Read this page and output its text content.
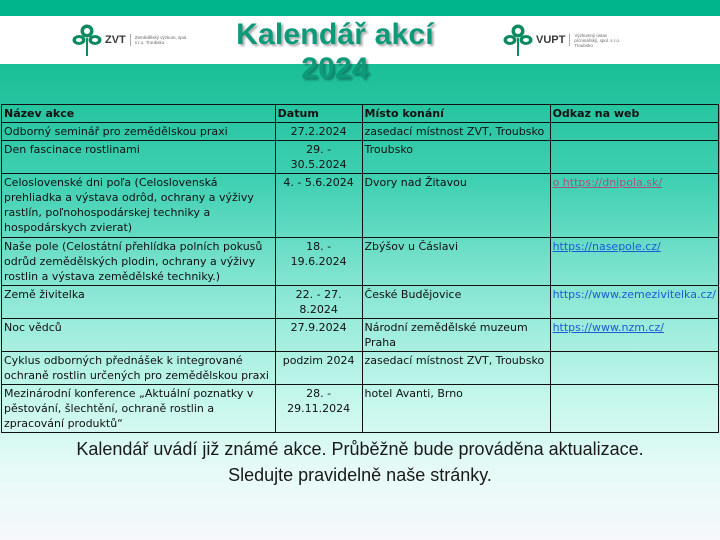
ZVT Zemědělský výzkum, spol. s r.o. Troubsko	VUPT Výzkumný ústav pícninářský, spol. s r.o. Troubsko
Kalendář akcí 2024
Název akce	Datum	Místo konání	Odkaz na web
Odborný seminář pro zemědělskou praxi	27.2.2024	zasedací místnost ZVT, Troubsko	
Den fascinace rostlinami	29. - 30.5.2024	Troubsko	
Celoslovenské dni poľa (Celoslovenská prehliadka a výstava odrôd, ochrany a výživy rastlín, poľnohospodárskej techniky a hospodárskych zvierat)	4. - 5.6.2024	Dvory nad Žitavou	o https://dnipola.sk/
Naše pole (Celostátní přehlídka polních pokusů odrůd zemědělských plodin, ochrany a výživy rostlin a výstava zemědělské techniky.)	18. - 19.6.2024	Zbýšov u Čáslavi	https://nasepole.cz/
Země živitelka	22. - 27. 8.2024	České Budějovice	https://www.zemezivitelka.cz/
Noc vědců	27.9.2024	Národní zemědělské muzeum Praha	https://www.nzm.cz/
Cyklus odborných přednášek k integrované ochraně rostlin určených pro zemědělskou praxi	podzim 2024	zasedací místnost ZVT, Troubsko	
Mezinárodní konference „Aktuální poznatky v pěstování, šlechtění, ochraně rostlin a zpracování produktů“	28. - 29.11.2024	hotel Avanti, Brno	
Kalendář uvádí již známé akce. Průběžně bude prováděna aktualizace.
Sledujte pravidelně naše stránky.
